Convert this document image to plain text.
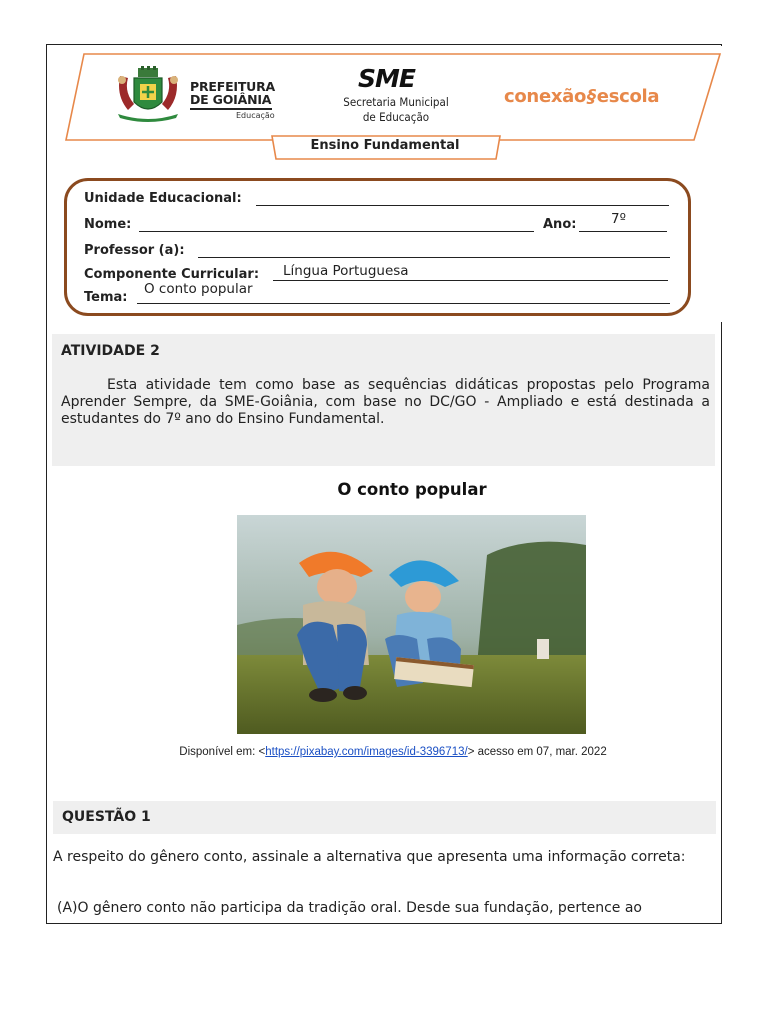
PREFEITURA
DE GOIÂNIA
Educação
SME
Secretaria Municipal
de Educação
conexão§escola
Ensino Fundamental
Unidade Educacional:
Nome:	Ano:	7º
Professor (a):
Componente Curricular: Língua Portuguesa
Tema:
O conto popular
ATIVIDADE 2
Esta atividade tem como base as sequências didáticas propostas pelo Programa Aprender Sempre, da SME-Goiânia, com base no DC/GO - Ampliado e está destinada a estudantes do 7º ano do Ensino Fundamental.
O conto popular
Disponível em: <https://pixabay.com/images/id-3396713/> acesso em 07, mar. 2022
QUESTÃO 1
A respeito do gênero conto, assinale a alternativa que apresenta uma informação correta:
(A)O gênero conto não participa da tradição oral. Desde sua fundação, pertence ao
